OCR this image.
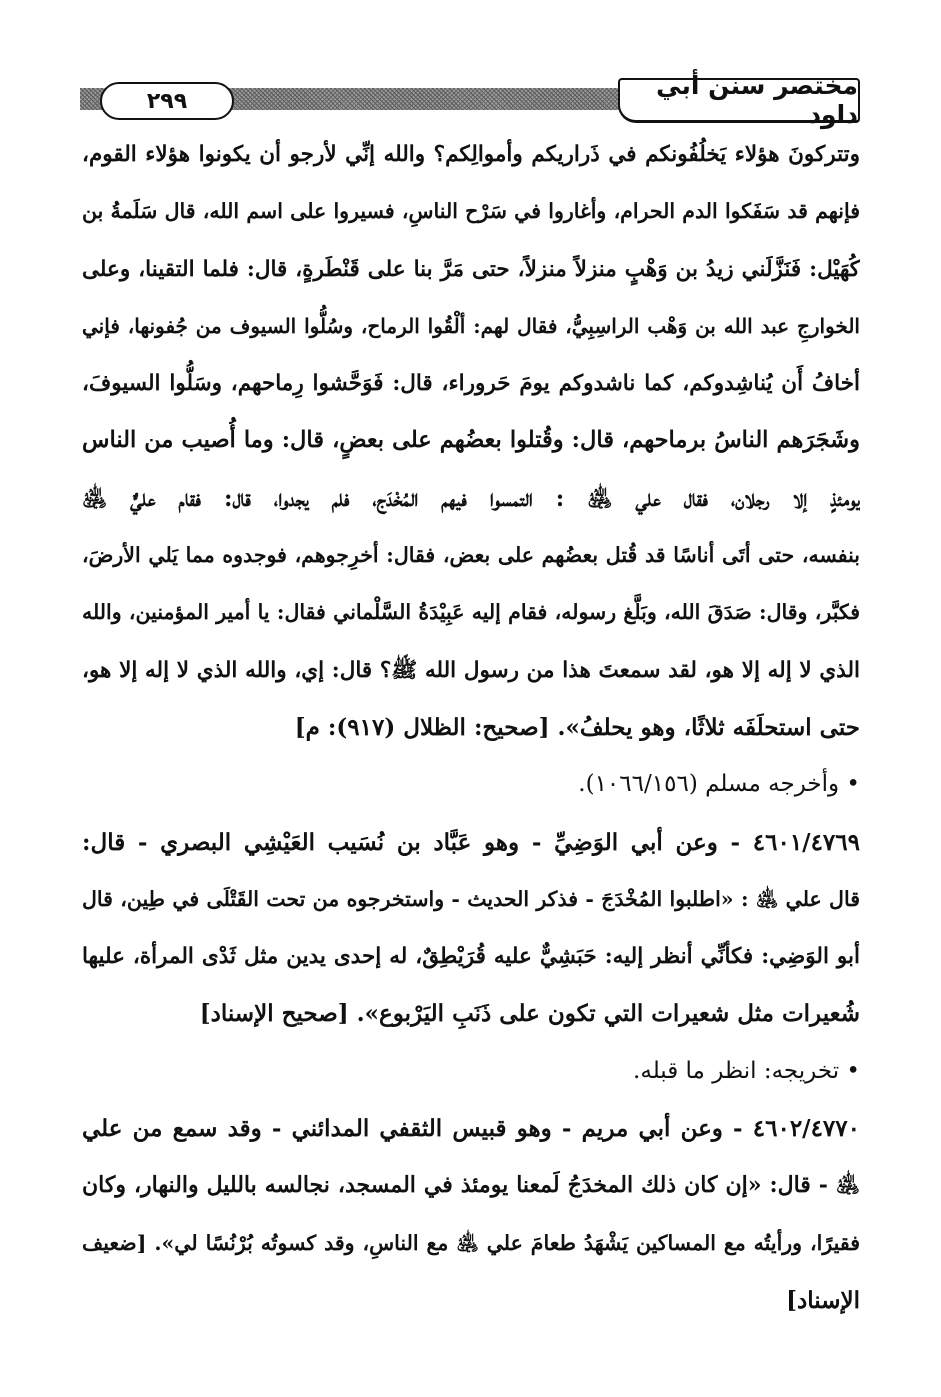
٢٩٩
مختصر سنن أبي داود
وتتركونَ هؤلاء يَخلُفُونكم في ذَراريكم وأموالِكم؟ والله إنِّي لأرجو أن يكونوا هؤلاء القوم،
فإنهم قد سَفَكوا الدم الحرام، وأغاروا في سَرْح الناسِ، فسيروا على اسم الله، قال سَلَمةُ بن
كُهَيْل: فَنَزَّلَني زيدُ بن وَهْبٍ منزلاً منزلاً، حتى مَرَّ بنا على قَنْطَرةٍ، قال: فلما التقينا، وعلى
الخوارجِ عبد الله بن وَهْب الراسِبِيُّ، فقال لهم: ألْقُوا الرماح، وسُلُّوا السيوف من جُفونها، فإني
أخافُ أَن يُناشِدوكم، كما ناشدوكم يومَ حَروراء، قال: فَوَحَّشوا رِماحهم، وسَلُّوا السيوفَ،
وشَجَرَهم الناسُ برماحهم، قال: وقُتلوا بعضُهم على بعضٍ، قال: وما أُصيب من الناس
يومئذٍ إلا رجلان، فقال علي ﵁ : التمسوا فيهم المُخْدَج، فلم يجدوا، قال: فقام عليٌّ ﵁
بنفسه، حتى أتَى أناسًا قد قُتل بعضُهم على بعض، فقال: أخرِجوهم، فوجدوه مما يَلي الأرضَ،
فكبَّر، وقال: صَدَقَ الله، وبَلَّغ رسوله، فقام إليه عَبِيْدَةُ السَّلْماني فقال: يا أمير المؤمنين، والله
الذي لا إله إلا هو، لقد سمعتَ هذا من رسول الله ﷺ؟ قال: إي، والله الذي لا إله إلا هو،
حتى استحلَفَه ثلاثًا، وهو يحلفُ». [صحيح: الظلال (٩١٧): م]
• وأخرجه مسلم (١٠٦٦/١٥٦).
٤٦٠١/٤٧٦٩ - وعن أبي الوَضِيِّ - وهو عَبَّاد بن نُسَيب العَيْشِي البصري - قال:
قال علي ﵁ : «اطلبوا المُخْدَجَ - فذكر الحديث - واستخرجوه من تحت القَتْلَى في طِين، قال
أبو الوَضِي: فكأنِّي أنظر إليه: حَبَشِيٌّ عليه قُرَيْطِقٌ، له إحدى يدين مثل ثَدْى المرأة، عليها
شُعيرات مثل شعيرات التي تكون على ذَنَبِ اليَرْبوع». [صحيح الإسناد]
• تخريجه: انظر ما قبله.
٤٦٠٢/٤٧٧٠ - وعن أبي مريم - وهو قبيس الثقفي المدائني - وقد سمع من علي
﵁ - قال: «إن كان ذلك المخدَجُ لَمعنا يومئذ في المسجد، نجالسه بالليل والنهار، وكان
فقيرًا، ورأيتُه مع المساكين يَشْهَدُ طعامَ علي ﵁ مع الناسِ، وقد كسوتُه بُرْنُسًا لي». [ضعيف
الإسناد]
